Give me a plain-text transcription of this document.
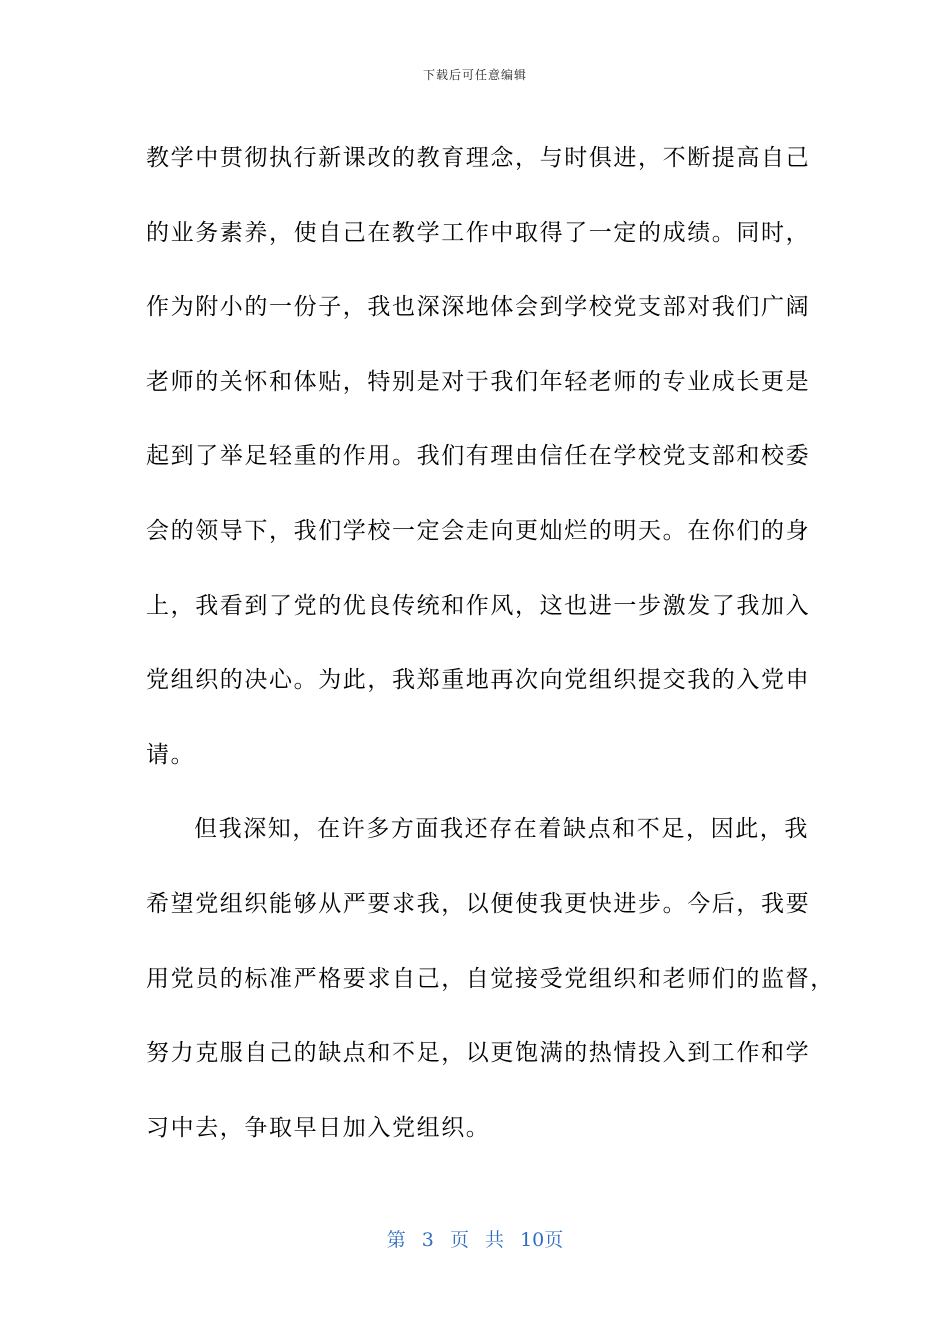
下载后可任意编辑
教学中贯彻执行新课改的教育理念，与时俱进，不断提高自己
的业务素养，使自己在教学工作中取得了一定的成绩。同时，
作为附小的一份子，我也深深地体会到学校党支部对我们广阔
老师的关怀和体贴，特别是对于我们年轻老师的专业成长更是
起到了举足轻重的作用。我们有理由信任在学校党支部和校委
会的领导下，我们学校一定会走向更灿烂的明天。在你们的身
上，我看到了党的优良传统和作风，这也进一步激发了我加入
党组织的决心。为此，我郑重地再次向党组织提交我的入党申
请。
但我深知，在许多方面我还存在着缺点和不足，因此，我
希望党组织能够从严要求我，以便使我更快进步。今后，我要
用党员的标准严格要求自己，自觉接受党组织和老师们的监督，
努力克服自己的缺点和不足，以更饱满的热情投入到工作和学
习中去，争取早日加入党组织。
第 3 页 共 10页
